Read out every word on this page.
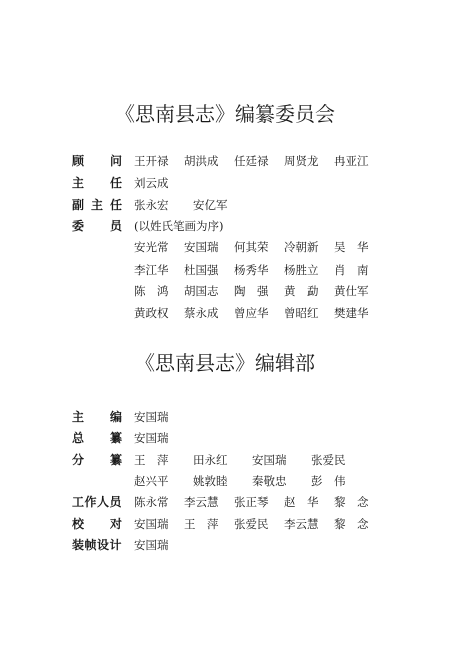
《思南县志》编纂委员会
顾 问 王开禄	胡洪成	任廷禄	周贤龙	冉亚江
主 任 刘云成
副 主 任 张永宏	安亿军
委 员 (以姓氏笔画为序)
安光常	安国瑞	何其荣	冷朝新	吴　华
李江华	杜国强	杨秀华	杨胜立	肖　南
陈　鸿	胡国志	陶　强	黄　勐	黄仕军
黄政权	蔡永成	曾应华	曾昭红	樊建华
《思南县志》编辑部
主 编 安国瑞
总 纂 安国瑞
分 纂 王　萍	田永红	安国瑞	张爱民
赵兴平	姚敦睦	秦敬忠	彭　伟
工作人员 陈永常	李云慧	张正琴	赵　华	黎　念
校 对 安国瑞	王　萍	张爱民	李云慧	黎　念
装帧设计 安国瑞
